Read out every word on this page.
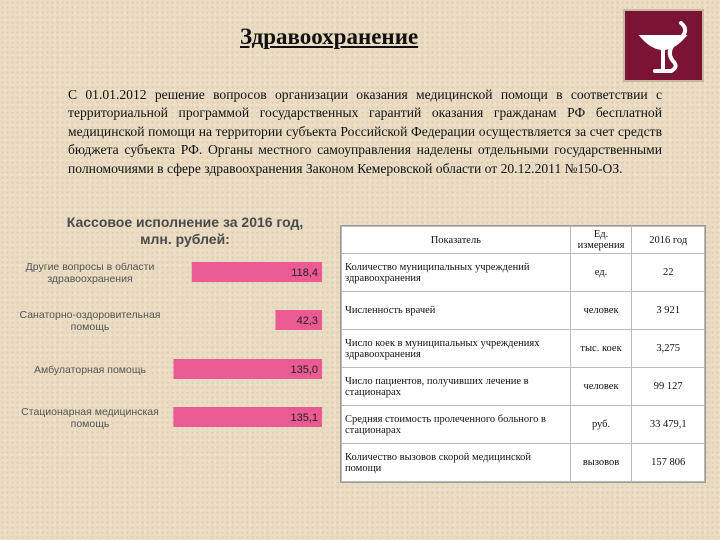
Здравоохранение
С 01.01.2012 решение вопросов организации оказания медицинской помощи в соответствии с территориальной программой государственных гарантий оказания гражданам РФ бесплатной медицинской помощи на территории субъекта Российской Федерации осуществляется за счет средств бюджета субъекта РФ. Органы местного самоуправления наделены отдельными государственными полномочиями в сфере здравоохранения Законом Кемеровской области от 20.12.2011 №150-ОЗ.
Кассовое исполнение за 2016 год, млн. рублей:
Другие вопросы в области здравоохранения	118,4
Санаторно-оздоровительная помощь	42,3
Амбулаторная помощь	135,0
Стационарная медицинская помощь	135,1
Показатель	Ед. измерения	2016 год
Количество муниципальных учреждений здравоохранения	ед.	22
Численность врачей	человек	3 921
Число коек в муниципальных учреждениях здравоохранения	тыс. коек	3,275
Число пациентов, получивших лечение в стационарах	человек	99 127
Средняя стоимость пролеченного больного в стационарах	руб.	33 479,1
Количество вызовов скорой медицинской помощи	вызовов	157 806
